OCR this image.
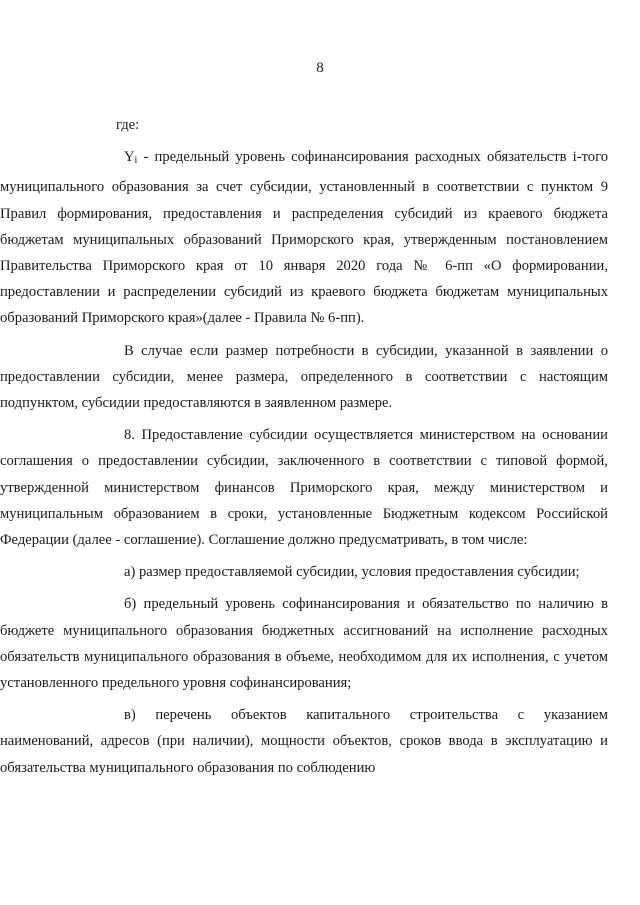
8

где:

$Y_i$ - предельный уровень софинансирования расходных обязательств i-того муниципального образования за счет субсидии, установленный в соответствии с пунктом 9 Правил формирования, предоставления и распределения субсидий из краевого бюджета бюджетам муниципальных образований Приморского края, утвержденным постановлением Правительства Приморского края от 10 января 2020 года № 6-пп «О формировании, предоставлении и распределении субсидий из краевого бюджета бюджетам муниципальных образований Приморского края»(далее - Правила № 6-пп).

В случае если размер потребности в субсидии, указанной в заявлении о предоставлении субсидии, менее размера, определенного в соответствии с настоящим подпунктом, субсидии предоставляются в заявленном размере.

8. Предоставление субсидии осуществляется министерством на основании соглашения о предоставлении субсидии, заключенного в соответствии с типовой формой, утвержденной министерством финансов Приморского края, между министерством и муниципальным образованием в сроки, установленные Бюджетным кодексом Российской Федерации (далее - соглашение). Соглашение должно предусматривать, в том числе:

а) размер предоставляемой субсидии, условия предоставления субсидии;

б) предельный уровень софинансирования и обязательство по наличию в бюджете муниципального образования бюджетных ассигнований на исполнение расходных обязательств муниципального образования в объеме, необходимом для их исполнения, с учетом установленного предельного уровня софинансирования;

в) перечень объектов капитального строительства с указанием наименований, адресов (при наличии), мощности объектов, сроков ввода в эксплуатацию и обязательства муниципального образования по соблюдению
